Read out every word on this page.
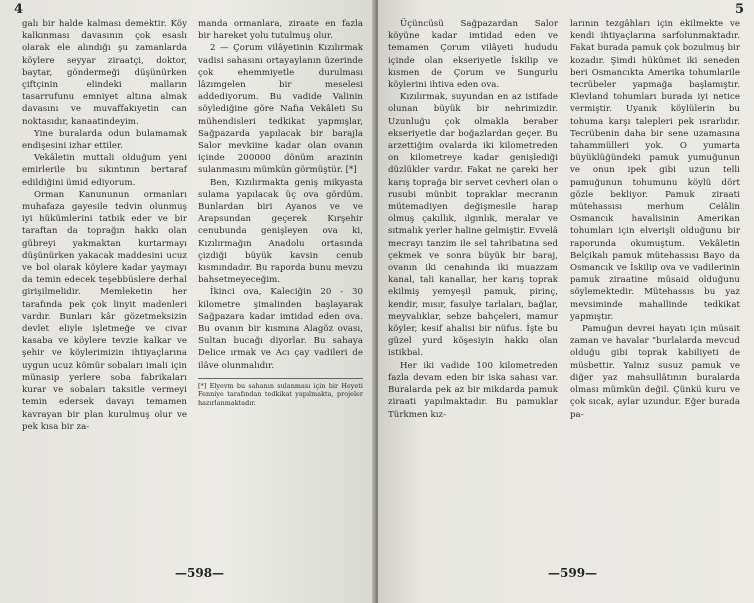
4

galı bir halde kalması demektir. Köy kalkınması davasının çok esaslı olarak ele alındığı şu zamanlarda köylere seyyar ziraatçi, doktor, baytar, göndermeği düşünürken çiftçinin elindeki malların tasarrufunu emniyet altına almak davasını ve muvaffakıyetin can noktasıdır, kanaatindeyim.

Yine buralarda odun bulamamak endişesini izhar ettiler.

Vekâletin muttali olduğum yeni emirlerile bu sıkıntının bertaraf edildiğini ümid ediyorum.

Orman Kanununun ormanları muhafaza gayesile tedvin olunmuş iyi hükümlerini tatbik eder ve bir taraftan da toprağın hakkı olan gübreyi yakmaktan kurtarmayı düşünürken yakacak maddesini ucuz ve bol olarak köylere kadar yaymayı da temin edecek teşebbüslere derhal girişilmelidir. Memleketin her tarafında pek çok linyit madenleri vardır. Bunları kâr gözetmeksizin devlet eliyle işletmeğe ve civar kasaba ve köylere tevzie kalkar ve şehir ve köylerimizin ihtiyaçlarına uygun ucuz kömür sobaları imali için münasip yerlere soba fabrikaları kurar ve sobaları taksitle vermeyi temin edersek davayı temamen kavrayan bir plan kurulmuş olur ve pek kısa bir za-

manda ormanlara, ziraate en fazla bir hareket yolu tutulmuş olur.

2 — Çorum vilâyetinin Kızılırmak vadisi sahasını ortayaylanın üzerinde çok ehemmiyetle durulması lâzımgelen bir meselesi addediyorum. Bu vadide Valinin söylediğine göre Nafıa Vekâleti Su mühendisleri tedkikat yapmışlar, Sağpazarda yapılacak bir barajla Salor mevkiine kadar olan ovanın içinde 200000 dönüm arazinin sulanmasını mümkün görmüştür. [*]

Ben, Kızılırmakta geniş mikyasta sulama yapılacak üç ova gördüm. Bunlardan biri Ayanos ve ve Arapsundan geçerek Kırşehir cenubunda genişleyen ova ki, Kızılırmağın Anadolu ortasında çizdiği büyük kavsin cenub kısmındadır. Bu raporda bunu mevzu bahsetmeyeceğim.

İkinci ova, Kaleciğin 20 - 30 kilometre şimalinden başlayarak Sağpazara kadar imtidad eden ova. Bu ovanın bir kısmına Alagöz ovası, Sultan bucağı diyorlar. Bu sahaya Delice ırmak ve Acı çay vadileri de ilâve olunmalıdır.

[*] Elyevm bu sahanın sulanması için bir Heyeti Fenniye tarafından tedkikat yapılmakta, projeler hazırlanmaktadır.
—598—
5

Üçüncüsü Sağpazardan Salor köyüne kadar imtidad eden ve temamen Çorum vilâyeti hududu içinde olan ekseriyetle İskilip ve kısmen de Çorum ve Sungurlu köylerini ihtiva eden ova.

Kızılırmak, suyundan en az istifade olunan büyük bir nehrimizdir. Uzunluğu çok olmakla beraber ekseriyetle dar boğazlardan geçer. Bu arzettiğim ovalarda iki kilometreden on kilometreye kadar genişlediği düzlükler vardır. Fakat ne çareki her karış toprağa bir servet cevheri olan o rusubi münbit topraklar mecranın mütemadiyen değişmesile harap olmuş çakıllık, ılgınlık, meralar ve sıtmalık yerler haline gelmiştir. Evvelâ mecrayı tanzim ile sel tahribatına sed çekmek ve sonra büyük bir baraj, ovanın iki cenahında iki muazzam kanal, tali kanallar, her karış toprak ekilmiş yemyeşil pamuk, pirinç, kendir, mısır, fasulye tarlaları, bağlar, meyvalıklar, sebze bahçeleri, mamur köyler, kesif ahalisi bir nüfus. İşte bu güzel yurd köşesiyin hakkı olan istikbal.

Her iki vadide 100 kilometreden fazla devam eden bir iska sahası var. Buralarda pek az bir mikdarda pamuk ziraati yapılmaktadır. Bu pamuklar Türkmen kız-

larının tezgâhları için ekilmekte ve kendi ihtiyaçlarına sarfolunmaktadır. Fakat burada pamuk çok bozulmuş bir kozadır. Şimdi hükûmet iki seneden beri Osmancıkta Amerika tohumlarile tecrübeler yapmağa başlamıştır. Klevland tohumları burada iyi netice vermiştir. Uyanık köylülerin bu tohuma karşı talepleri pek ısrarlıdır. Tecrübenin daha bir sene uzamasına tahammülleri yok. O yumarta büyüklüğündeki pamuk yumuğunun ve onun ipek gibi uzun telli pamuğunun tohumunu köylü dört gözle bekliyor. Pamuk ziraati mütehassısı merhum Celâlin Osmancık havalisinin Amerikan tohumları için elverişli olduğunu bir raporunda okumuştum. Vekâletin Belçikalı pamuk mütehassısı Bayo da Osmancık ve İskilip ova ve vadilerinin pamuk ziraatine müsaid olduğunu söylemektedir. Mütehassıs bu yaz mevsiminde mahallinde tedkikat yapmıştır.

Pamuğun devrei hayatı için müsait zaman ve havalar "burlalarda mevcud olduğu gibi toprak kabiliyeti de müsbettir. Yalnız susuz pamuk ve diğer yaz mahsullâtının buralarda olması mümkün değil. Çünkü kuru ve çok sıcak, aylar uzundur. Eğer burada pa-

—599—
